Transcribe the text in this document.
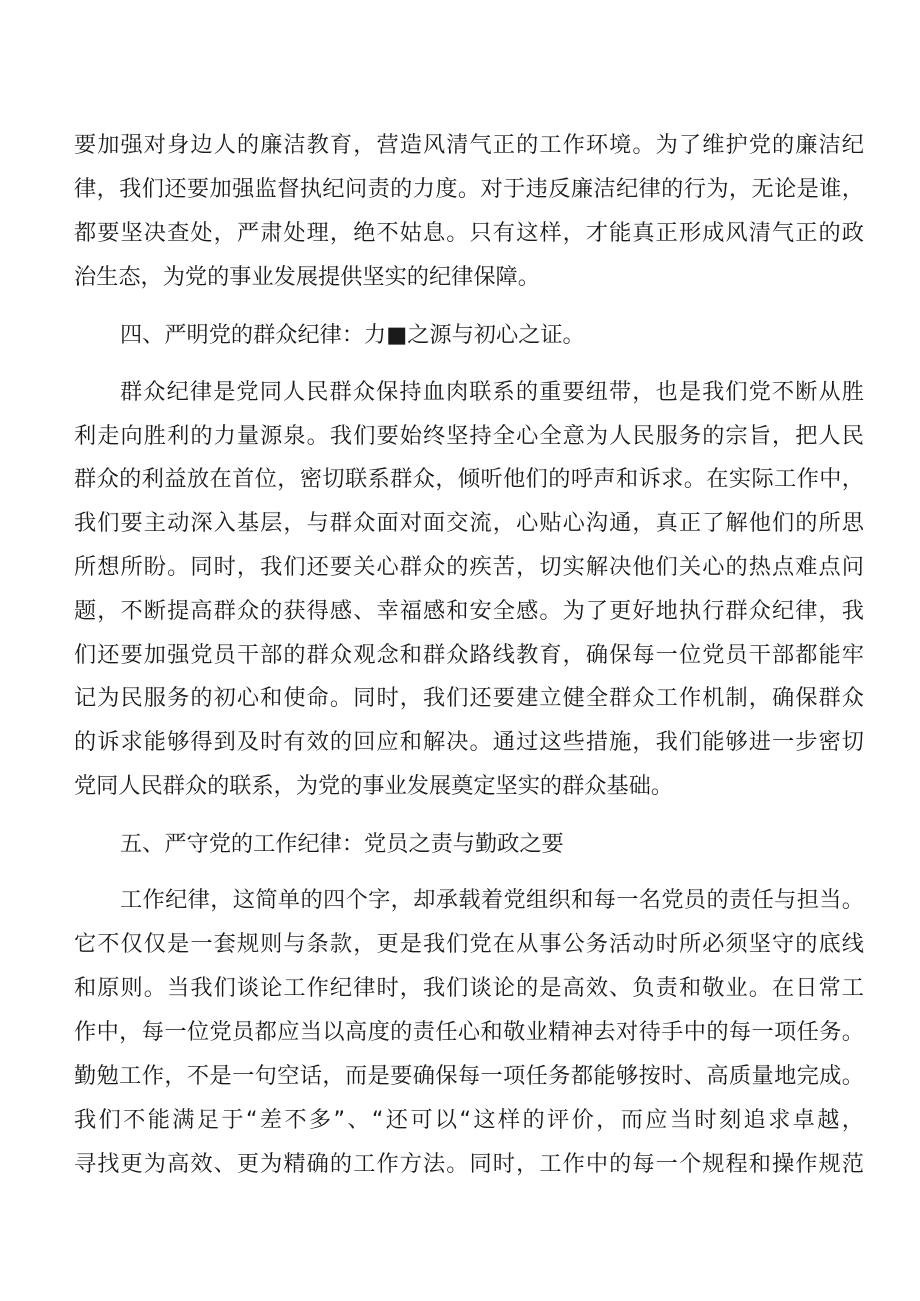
要加强对身边人的廉洁教育，营造风清气正的工作环境。为了维护党的廉洁纪
律，我们还要加强监督执纪问责的力度。对于违反廉洁纪律的行为，无论是谁，
都要坚决查处，严肃处理，绝不姑息。只有这样，才能真正形成风清气正的政
治生态，为党的事业发展提供坚实的纪律保障。
四、严明党的群众纪律：力■之源与初心之证。
群众纪律是党同人民群众保持血肉联系的重要纽带，也是我们党不断从胜
利走向胜利的力量源泉。我们要始终坚持全心全意为人民服务的宗旨，把人民
群众的利益放在首位，密切联系群众，倾听他们的呼声和诉求。在实际工作中，
我们要主动深入基层，与群众面对面交流，心贴心沟通，真正了解他们的所思
所想所盼。同时，我们还要关心群众的疾苦，切实解决他们关心的热点难点问
题，不断提高群众的获得感、幸福感和安全感。为了更好地执行群众纪律，我
们还要加强党员干部的群众观念和群众路线教育，确保每一位党员干部都能牢
记为民服务的初心和使命。同时，我们还要建立健全群众工作机制，确保群众
的诉求能够得到及时有效的回应和解决。通过这些措施，我们能够进一步密切
党同人民群众的联系，为党的事业发展奠定坚实的群众基础。
五、严守党的工作纪律：党员之责与勤政之要
工作纪律，这简单的四个字，却承载着党组织和每一名党员的责任与担当。
它不仅仅是一套规则与条款，更是我们党在从事公务活动时所必须坚守的底线
和原则。当我们谈论工作纪律时，我们谈论的是高效、负责和敬业。在日常工
作中，每一位党员都应当以高度的责任心和敬业精神去对待手中的每一项任务。
勤勉工作，不是一句空话，而是要确保每一项任务都能够按时、高质量地完成。
我们不能满足于“差不多”、“还可以“这样的评价，而应当时刻追求卓越，
寻找更为高效、更为精确的工作方法。同时，工作中的每一个规程和操作规范
